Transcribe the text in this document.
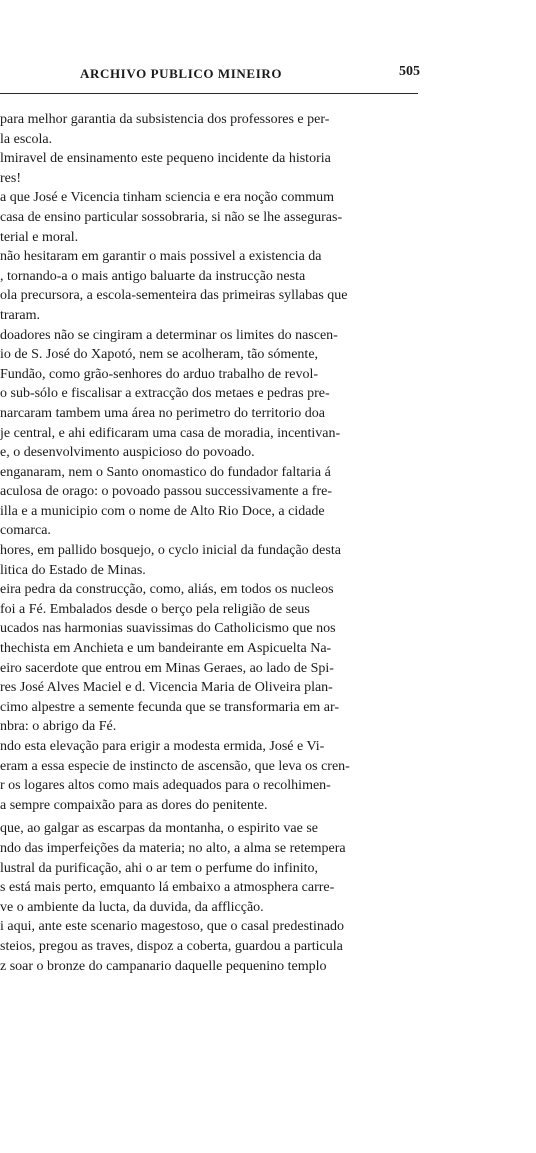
ARCHIVO PUBLICO MINEIRO	505
para melhor garantia da subsistencia dos professores e per-
la escola.
lmiravel de ensinamento este pequeno incidente da historia
res!
a que José e Vicencia tinham sciencia e era noção commum
casa de ensino particular sossobraria, si não se lhe asseguras-
terial e moral.
não hesitaram em garantir o mais possivel a existencia da
, tornando-a o mais antigo baluarte da instrucção nesta
ola precursora, a escola-sementeira das primeiras syllabas que
traram.
doadores não se cingiram a determinar os limites do nascen-
io de S. José do Xapotó, nem se acolheram, tão sómente,
Fundão, como grão-senhores do arduo trabalho de revol-
o sub-sólo e fiscalisar a extracção dos metaes e pedras pre-
narcaram tambem uma área no perimetro do territorio doa
je central, e ahi edificaram uma casa de moradia, incentivan-
e, o desenvolvimento auspicioso do povoado.
enganaram, nem o Santo onomastico do fundador faltaria á
aculosa de orago: o povoado passou successivamente a fre-
illa e a municipio com o nome de Alto Rio Doce, a cidade
comarca.
hores, em pallido bosquejo, o cyclo inicial da fundação desta
litica do Estado de Minas.
eira pedra da construcção, como, aliás, em todos os nucleos
foi a Fé. Embalados desde o berço pela religião de seus
ucados nas harmonias suavissimas do Catholicismo que nos
thechista em Anchieta e um bandeirante em Aspicuelta Na-
eiro sacerdote que entrou em Minas Geraes, ao lado de Spi-
res José Alves Maciel e d. Vicencia Maria de Oliveira plan-
cimo alpestre a semente fecunda que se transformaria em ar-
nbra: o abrigo da Fé.
ndo esta elevação para erigir a modesta ermida, José e Vi-
eram a essa especie de instincto de ascensão, que leva os cren-
r os logares altos como mais adequados para o recolhimen-
a sempre compaixão para as dores do penitente.
que, ao galgar as escarpas da montanha, o espirito vae se
ndo das imperfeições da materia; no alto, a alma se retempera
lustral da purificação, ahi o ar tem o perfume do infinito,
s está mais perto, emquanto lá embaixo a atmosphera carre-
ve o ambiente da lucta, da duvida, da afflicção.
i aqui, ante este scenario magestoso, que o casal predestinado
steios, pregou as traves, dispoz a coberta, guardou a particula
z soar o bronze do campanario daquelle pequenino templo
